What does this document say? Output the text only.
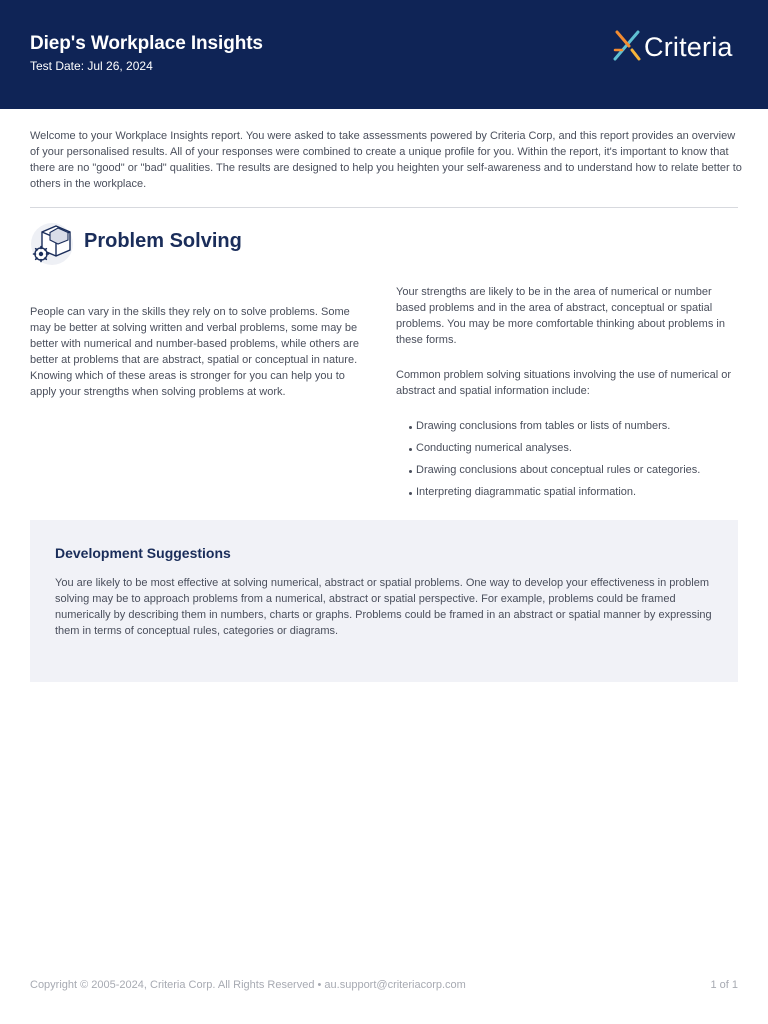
Diep's Workplace Insights
Test Date: Jul 26, 2024
Criteria
Welcome to your Workplace Insights report. You were asked to take assessments powered by Criteria Corp, and this report provides an overview of your personalised results. All of your responses were combined to create a unique profile for you. Within the report, it's important to know that there are no "good" or "bad" qualities. The results are designed to help you heighten your self-awareness and to understand how to relate better to others in the workplace.
Problem Solving
People can vary in the skills they rely on to solve problems. Some may be better at solving written and verbal problems, some may be better with numerical and number-based problems, while others are better at problems that are abstract, spatial or conceptual in nature. Knowing which of these areas is stronger for you can help you to apply your strengths when solving problems at work.

Your strengths are likely to be in the area of numerical or number based problems and in the area of abstract, conceptual or spatial problems. You may be more comfortable thinking about problems in these forms.

Common problem solving situations involving the use of numerical or abstract and spatial information include:

Drawing conclusions from tables or lists of numbers.
Conducting numerical analyses.
Drawing conclusions about conceptual rules or categories.
Interpreting diagrammatic spatial information.
Development Suggestions
You are likely to be most effective at solving numerical, abstract or spatial problems. One way to develop your effectiveness in problem solving may be to approach problems from a numerical, abstract or spatial perspective. For example, problems could be framed numerically by describing them in numbers, charts or graphs. Problems could be framed in an abstract or spatial manner by expressing them in terms of conceptual rules, categories or diagrams.
Copyright © 2005-2024, Criteria Corp. All Rights Reserved • au.support@criteriacorp.com	1 of 1
